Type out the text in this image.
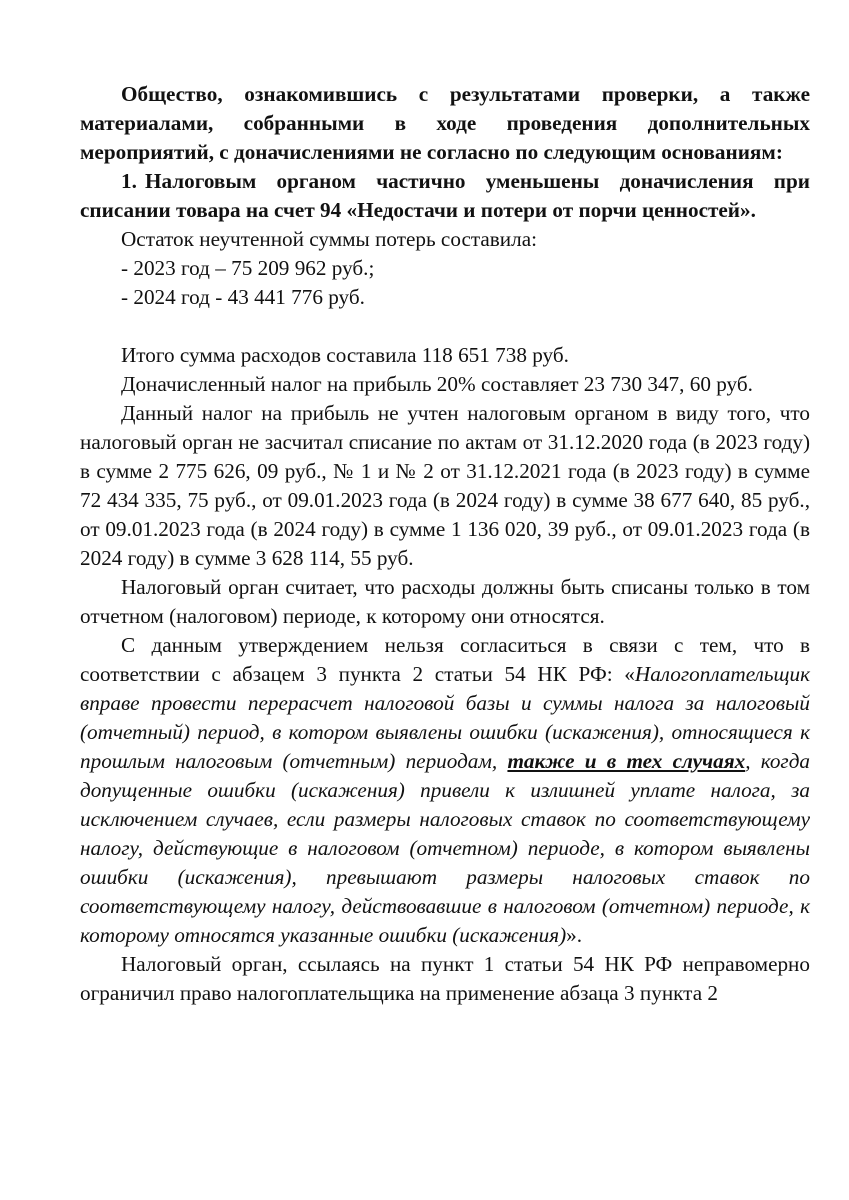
Общество, ознакомившись с результатами проверки, а также материалами, собранными в ходе проведения дополнительных мероприятий, с доначислениями не согласно по следующим основаниям:

1. Налоговым органом частично уменьшены доначисления при списании товара на счет 94 «Недостачи и потери от порчи ценностей».

Остаток неучтенной суммы потерь составила:

- 2023 год – 75 209 962 руб.;

- 2024 год - 43 441 776 руб.

Итого сумма расходов составила 118 651 738 руб.

Доначисленный налог на прибыль 20% составляет 23 730 347, 60 руб.

Данный налог на прибыль не учтен налоговым органом в виду того, что налоговый орган не засчитал списание по актам от 31.12.2020 года (в 2023 году) в сумме 2 775 626, 09 руб., № 1 и № 2 от 31.12.2021 года (в 2023 году) в сумме 72 434 335, 75 руб., от 09.01.2023 года (в 2024 году) в сумме 38 677 640, 85 руб., от 09.01.2023 года (в 2024 году) в сумме 1 136 020, 39 руб., от 09.01.2023 года (в 2024 году) в сумме 3 628 114, 55 руб.

Налоговый орган считает, что расходы должны быть списаны только в том отчетном (налоговом) периоде, к которому они относятся.

С данным утверждением нельзя согласиться в связи с тем, что в соответствии с абзацем 3 пункта 2 статьи 54 НК РФ: «Налогоплательщик вправе провести перерасчет налоговой базы и суммы налога за налоговый (отчетный) период, в котором выявлены ошибки (искажения), относящиеся к прошлым налоговым (отчетным) периодам, также и в тех случаях, когда допущенные ошибки (искажения) привели к излишней уплате налога, за исключением случаев, если размеры налоговых ставок по соответствующему налогу, действующие в налоговом (отчетном) периоде, в котором выявлены ошибки (искажения), превышают размеры налоговых ставок по соответствующему налогу, действовавшие в налоговом (отчетном) периоде, к которому относятся указанные ошибки (искажения)».

Налоговый орган, ссылаясь на пункт 1 статьи 54 НК РФ неправомерно ограничил право налогоплательщика на применение абзаца 3 пункта 2
